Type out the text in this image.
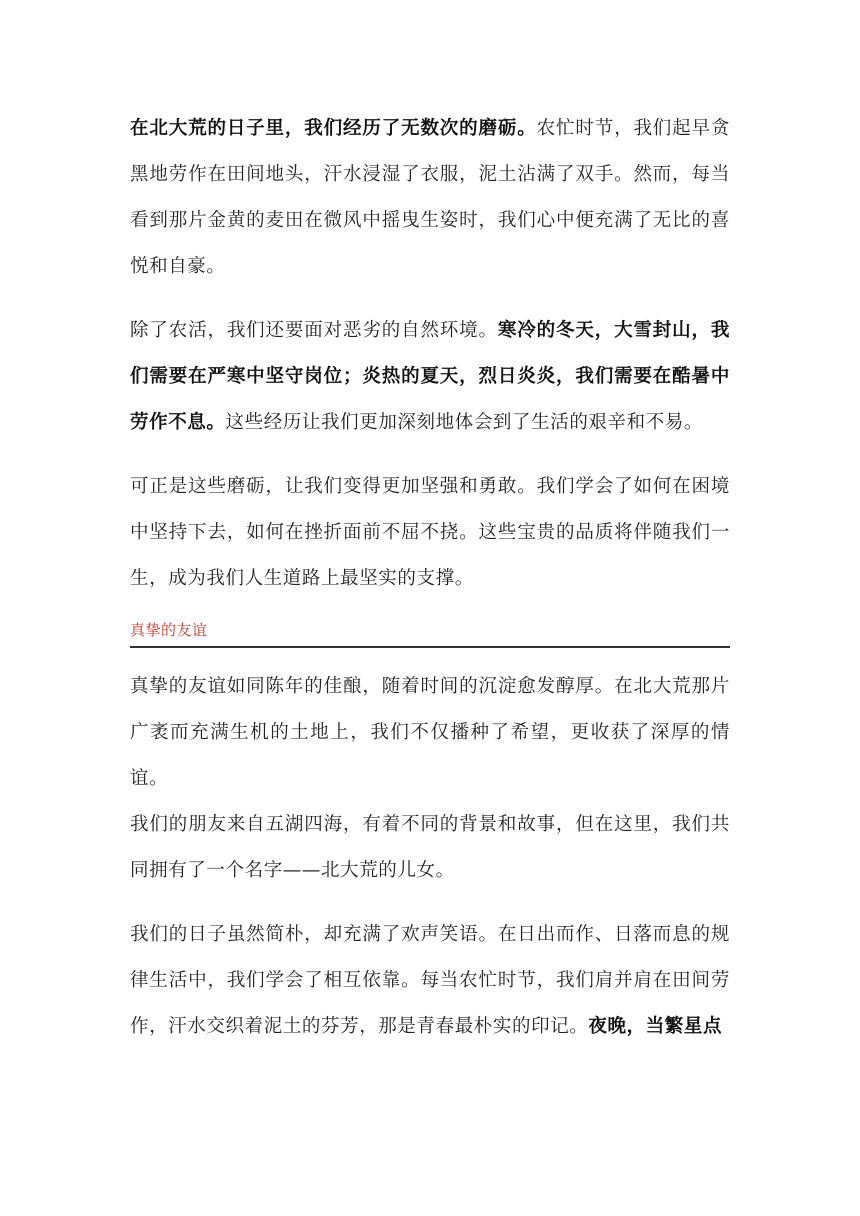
在北大荒的日子里，我们经历了无数次的磨砺。农忙时节，我们起早贪黑地劳作在田间地头，汗水浸湿了衣服，泥土沾满了双手。然而，每当看到那片金黄的麦田在微风中摇曳生姿时，我们心中便充满了无比的喜悦和自豪。

除了农活，我们还要面对恶劣的自然环境。寒冷的冬天，大雪封山，我们需要在严寒中坚守岗位；炎热的夏天，烈日炎炎，我们需要在酷暑中劳作不息。这些经历让我们更加深刻地体会到了生活的艰辛和不易。

可正是这些磨砺，让我们变得更加坚强和勇敢。我们学会了如何在困境中坚持下去，如何在挫折面前不屈不挠。这些宝贵的品质将伴随我们一生，成为我们人生道路上最坚实的支撑。

真挚的友谊

真挚的友谊如同陈年的佳酿，随着时间的沉淀愈发醇厚。在北大荒那片广袤而充满生机的土地上，我们不仅播种了希望，更收获了深厚的情谊。

我们的朋友来自五湖四海，有着不同的背景和故事，但在这里，我们共同拥有了一个名字——北大荒的儿女。

我们的日子虽然简朴，却充满了欢声笑语。在日出而作、日落而息的规律生活中，我们学会了相互依靠。每当农忙时节，我们肩并肩在田间劳作，汗水交织着泥土的芬芳，那是青春最朴实的印记。夜晚，当繁星点
